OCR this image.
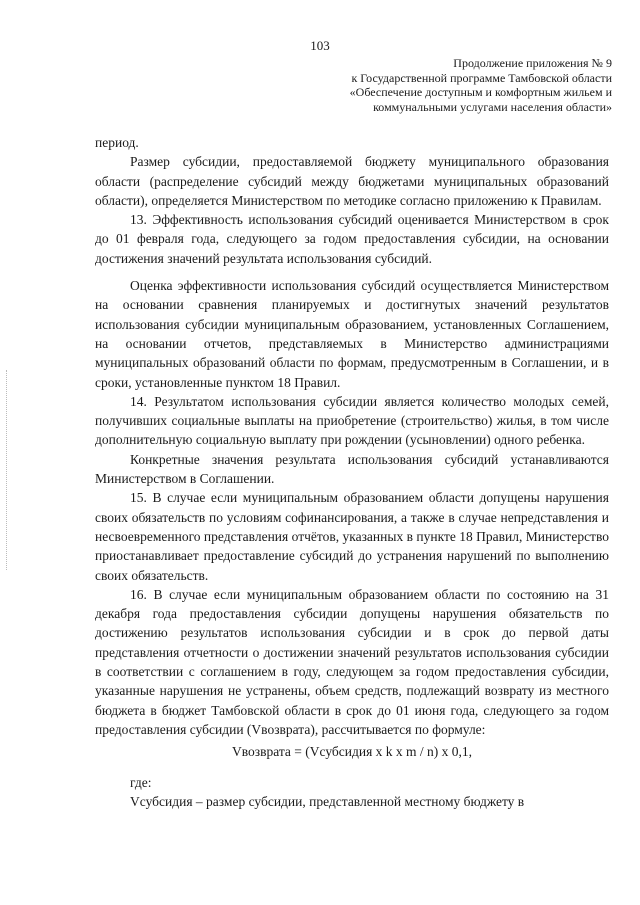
103
Продолжение приложения № 9
к Государственной программе Тамбовской области
«Обеспечение доступным и комфортным жильем и
коммунальными услугами населения области»

период.

Размер субсидии, предоставляемой бюджету муниципального образования области (распределение субсидий между бюджетами муниципальных образований области), определяется Министерством по методике согласно приложению к Правилам.

13. Эффективность использования субсидий оценивается Министерством в срок до 01 февраля года, следующего за годом предоставления субсидии, на основании достижения значений результата использования субсидий.

Оценка эффективности использования субсидий осуществляется Министерством на основании сравнения планируемых и достигнутых значений результатов использования субсидии муниципальным образованием, установленных Соглашением, на основании отчетов, представляемых в Министерство администрациями муниципальных образований области по формам, предусмотренным в Соглашении, и в сроки, установленные пунктом 18 Правил.

14. Результатом использования субсидии является количество молодых семей, получивших социальные выплаты на приобретение (строительство) жилья, в том числе дополнительную социальную выплату при рождении (усыновлении) одного ребенка.

Конкретные значения результата использования субсидий устанавливаются Министерством в Соглашении.

15. В случае если муниципальным образованием области допущены нарушения своих обязательств по условиям софинансирования, а также в случае непредставления и несвоевременного представления отчётов, указанных в пункте 18 Правил, Министерство приостанавливает предоставление субсидий до устранения нарушений по выполнению своих обязательств.

16. В случае если муниципальным образованием области по состоянию на 31 декабря года предоставления субсидии допущены нарушения обязательств по достижению результатов использования субсидии и в срок до первой даты представления отчетности о достижении значений результатов использования субсидии в соответствии с соглашением в году, следующем за годом предоставления субсидии, указанные нарушения не устранены, объем средств, подлежащий возврату из местного бюджета в бюджет Тамбовской области в срок до 01 июня года, следующего за годом предоставления субсидии (Vвозврата), рассчитывается по формуле:

Vвозврата = (Vсубсидия x k x m / n) x 0,1,

где:

Vсубсидия – размер субсидии, представленной местному бюджету в
